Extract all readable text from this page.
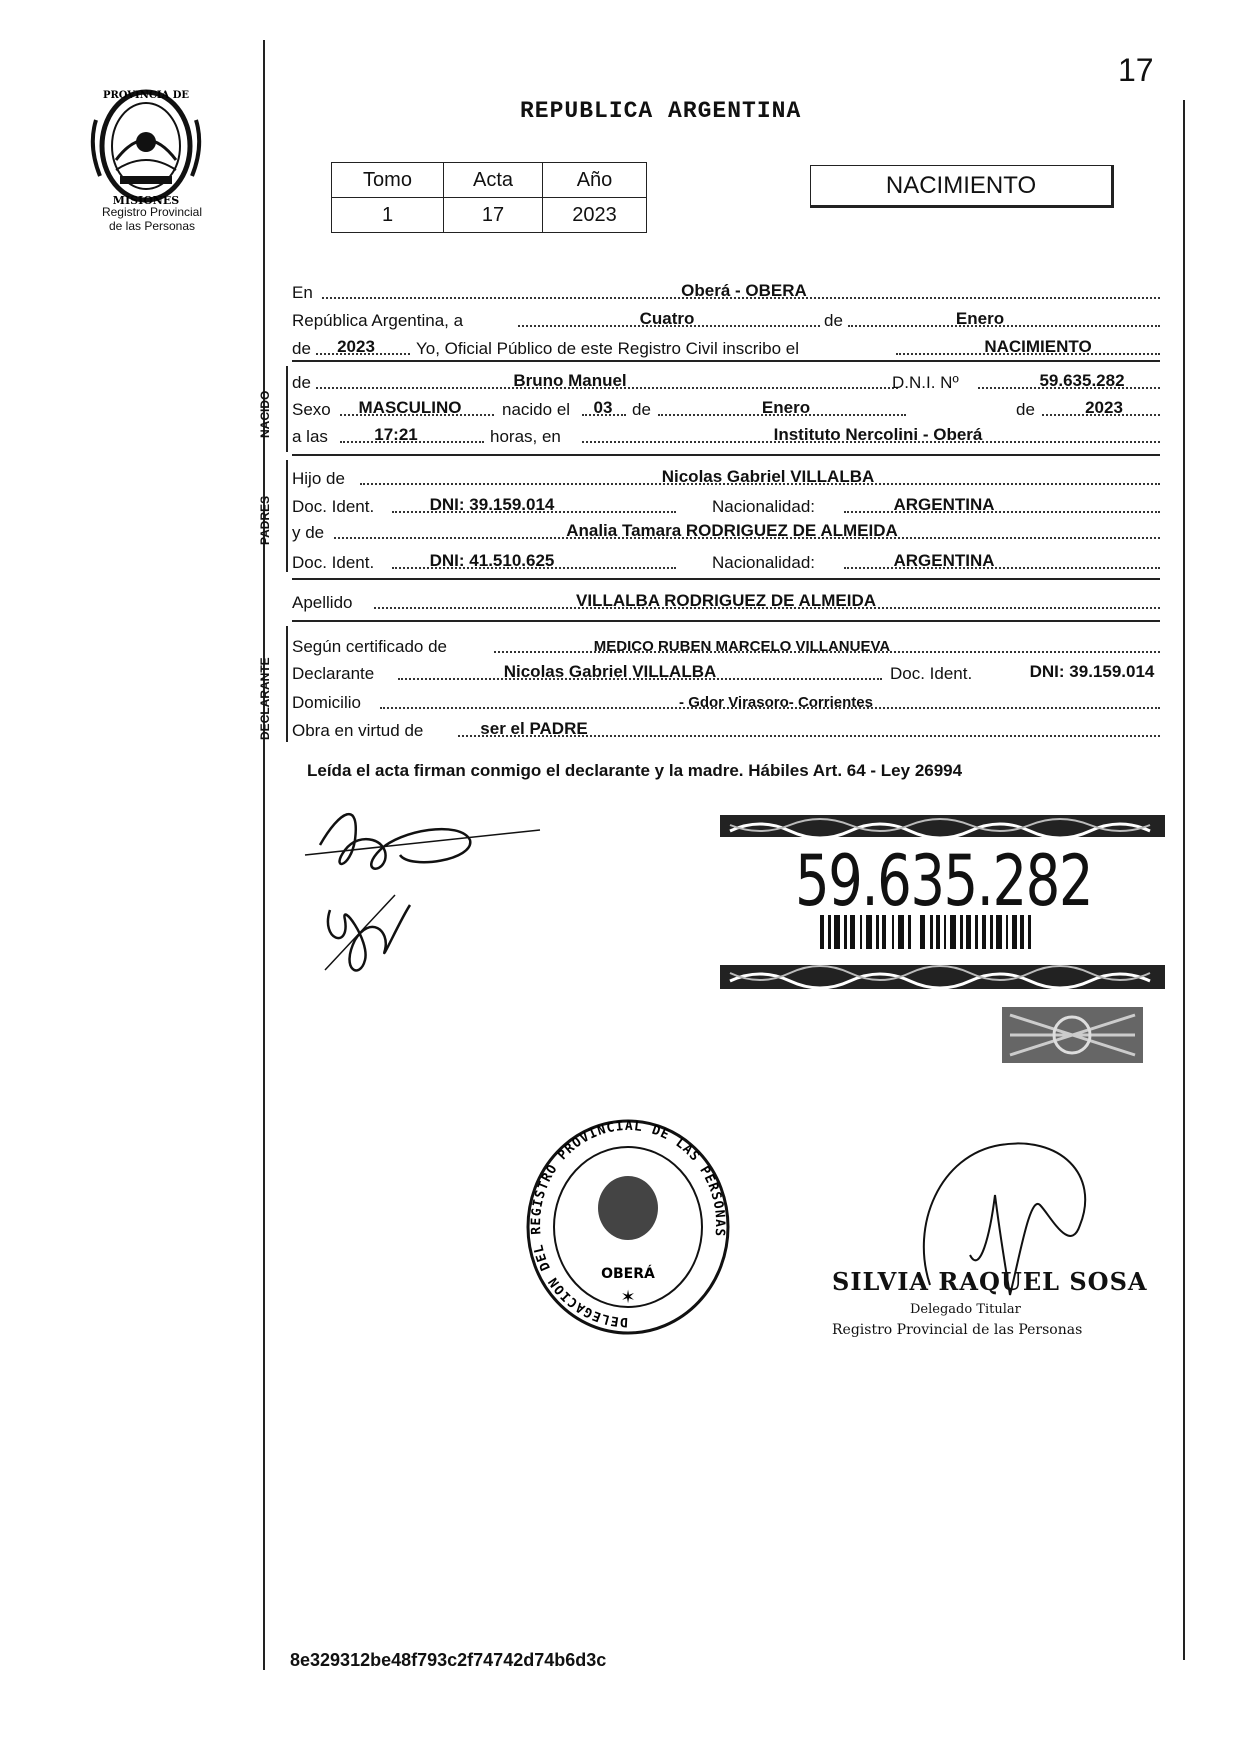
17
REPUBLICA ARGENTINA
PROVINCIA DE
MISIONES
Registro Provincial
de las Personas
Tomo	Acta	Año
1	17	2023
NACIMIENTO
En	Oberá - OBERA
República Argentina, a	Cuatro	de	Enero
de 2023 Yo, Oficial Público de este Registro Civil inscribo el	NACIMIENTO
NACIDO
de	Bruno Manuel	D.N.I. Nº	59.635.282
Sexo MASCULINO nacido el 03 de	Enero	de	2023
a las	17:21	horas, en	Instituto Nercolini - Oberá
PADRES
Hijo de	Nicolas Gabriel VILLALBA
Doc. Ident.	DNI: 39.159.014	Nacionalidad:	ARGENTINA
y de	Analia Tamara RODRIGUEZ DE ALMEIDA
Doc. Ident.	DNI: 41.510.625	Nacionalidad:	ARGENTINA
Apellido	VILLALBA RODRIGUEZ DE ALMEIDA
DECLARANTE
Según certificado de	MEDICO RUBEN MARCELO VILLANUEVA
Declarante	Nicolas Gabriel VILLALBA	Doc. Ident.	DNI: 39.159.014
Domicilio	- Gdor Virasoro- Corrientes
Obra en virtud de	ser el PADRE
Leída el acta firman conmigo el declarante y la madre. Hábiles Art. 64 - Ley 26994
59.635.282
DELEGACION DEL REGISTRO PROVINCIAL DE LAS PERSONAS
OBERÁ
✶
SILVIA RAQUEL SOSA
Delegado Titular
Registro Provincial de las Personas
8e329312be48f793c2f74742d74b6d3c
